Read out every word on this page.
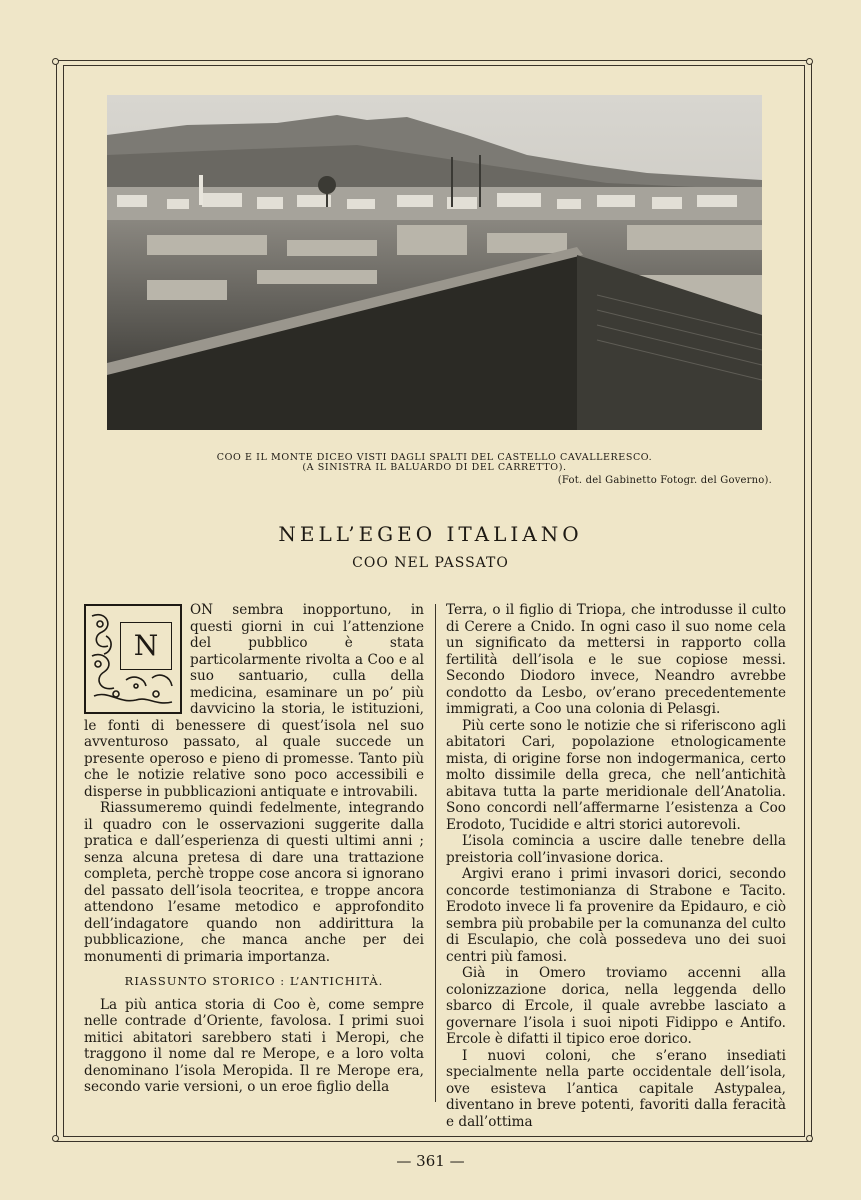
COO E IL MONTE DICEO VISTI DAGLI SPALTI DEL CASTELLO CAVALLERESCO.
(A SINISTRA IL BALUARDO DI DEL CARRETTO).
(Fot. del Gabinetto Fotogr. del Governo).
NELL’EGEO ITALIANO
COO NEL PASSATO
N

ON sembra inopportuno, in questi giorni in cui l’attenzione del pubblico è stata particolarmente rivolta a Coo e al suo santuario, culla della medicina, esaminare un po’ più davvicino la storia, le istituzioni, le fonti di benessere di quest’isola nel suo avventuroso passato, al quale succede un presente operoso e pieno di promesse. Tanto più che le notizie relative sono poco accessibili e disperse in pubblicazioni antiquate e introvabili.

Riassumeremo quindi fedelmente, integrando il quadro con le osservazioni suggerite dalla pratica e dall’esperienza di questi ultimi anni ; senza alcuna pretesa di dare una trattazione completa, perchè troppe cose ancora si ignorano del passato dell’isola teocritea, e troppe ancora attendono l’esame metodico e approfondito dell’indagatore quando non addirittura la pubblicazione, che manca anche per dei monumenti di primaria importanza.

RIASSUNTO STORICO : L’ANTICHITÀ.

La più antica storia di Coo è, come sempre nelle contrade d’Oriente, favolosa. I primi suoi mitici abitatori sarebbero stati i Meropi, che traggono il nome dal re Merope, e a loro volta denominano l’isola Meropida. Il re Merope era, secondo varie versioni, o un eroe figlio della

Terra, o il figlio di Triopa, che introdusse il culto di Cerere a Cnido. In ogni caso il suo nome cela un significato da mettersi in rapporto colla fertilità dell’isola e le sue copiose messi. Secondo Diodoro invece, Neandro avrebbe condotto da Lesbo, ov’erano precedentemente immigrati, a Coo una colonia di Pelasgi.

Più certe sono le notizie che si riferiscono agli abitatori Cari, popolazione etnologicamente mista, di origine forse non indogermanica, certo molto dissimile della greca, che nell’antichità abitava tutta la parte meridionale dell’Anatolia. Sono concordi nell’affermarne l’esistenza a Coo Erodoto, Tucidide e altri storici autorevoli.

L’isola comincia a uscire dalle tenebre della preistoria coll’invasione dorica.

Argivi erano i primi invasori dorici, secondo concorde testimonianza di Strabone e Tacito. Erodoto invece li fa provenire da Epidauro, e ciò sembra più probabile per la comunanza del culto di Esculapio, che colà possedeva uno dei suoi centri più famosi.

Già in Omero troviamo accenni alla colonizzazione dorica, nella leggenda dello sbarco di Ercole, il quale avrebbe lasciato a governare l’isola i suoi nipoti Fidippo e Antifo. Ercole è difatti il tipico eroe dorico.

I nuovi coloni, che s’erano insediati specialmente nella parte occidentale dell’isola, ove esisteva l’antica capitale Astypalea, diventano in breve potenti, favoriti dalla feracità e dall’ottima

— 361 —
